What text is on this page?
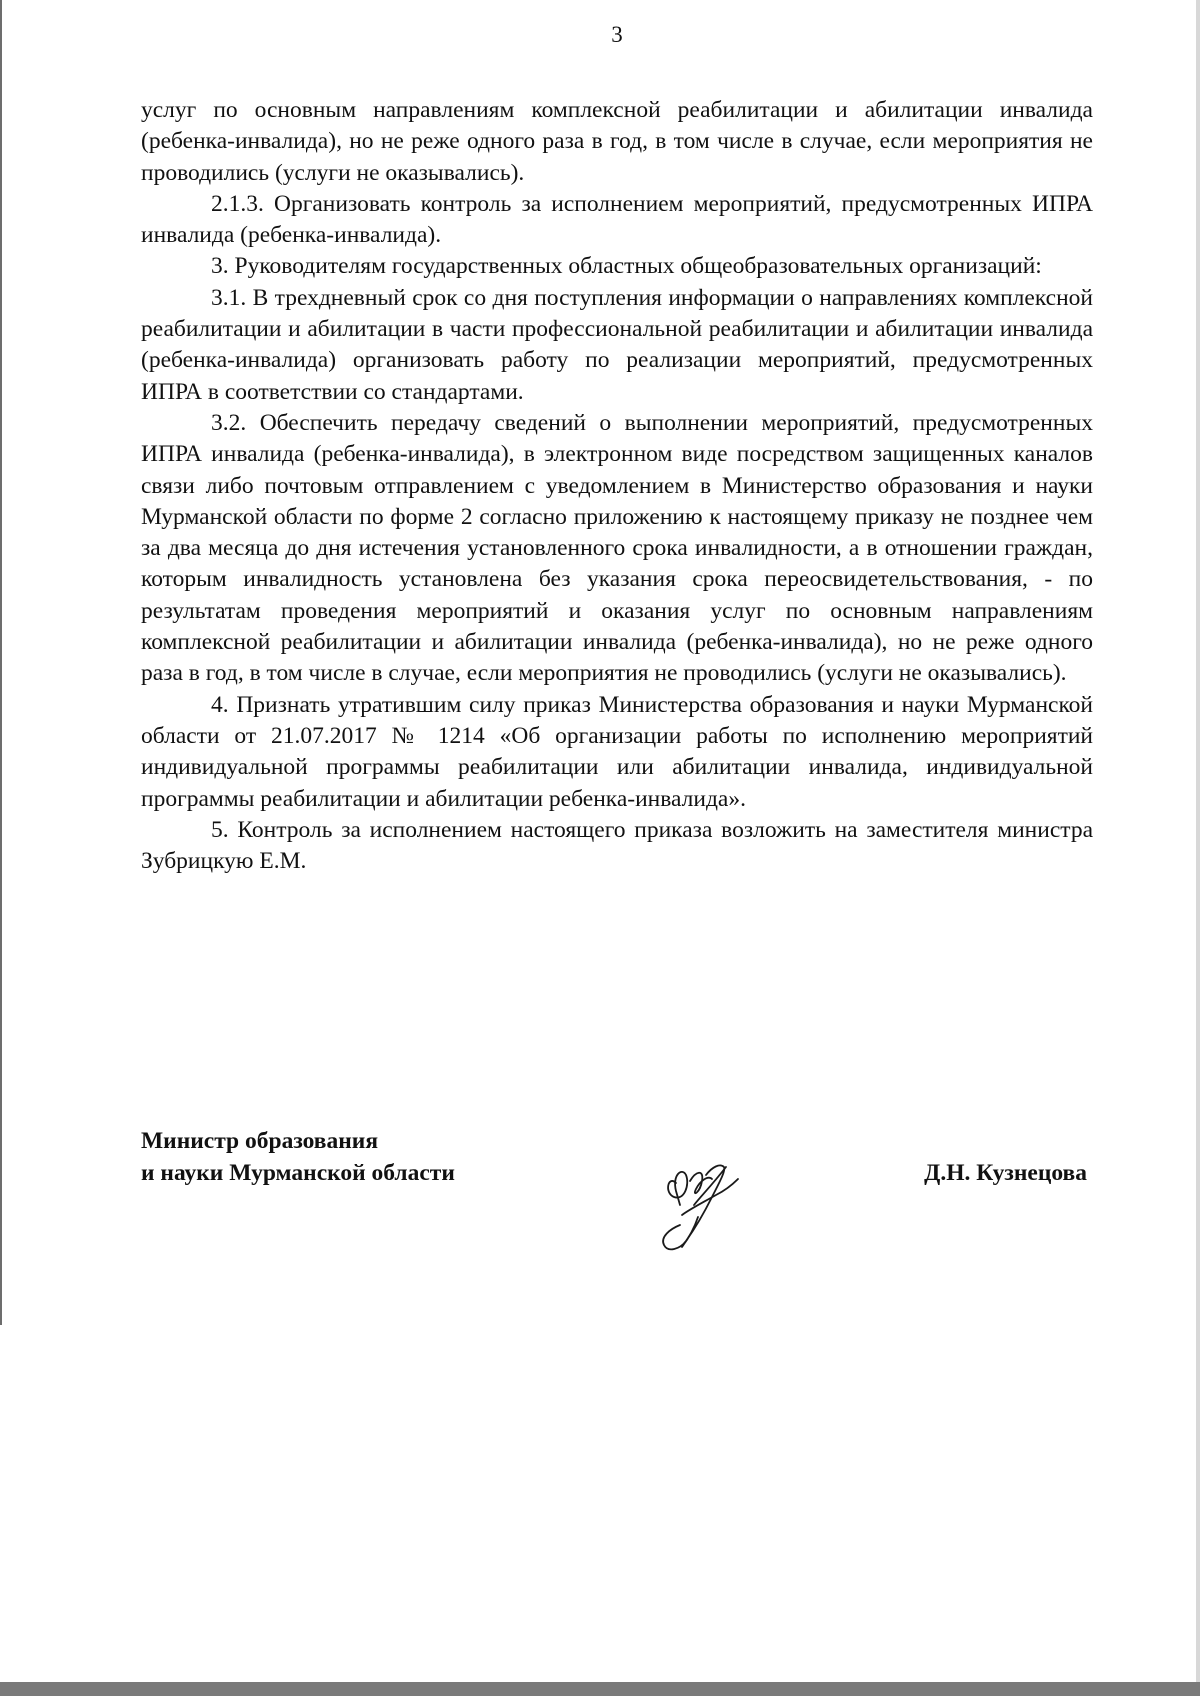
3

услуг по основным направлениям комплексной реабилитации и абилитации инвалида (ребенка-инвалида), но не реже одного раза в год, в том числе в случае, если мероприятия не проводились (услуги не оказывались).

2.1.3. Организовать контроль за исполнением мероприятий, предусмотренных ИПРА инвалида (ребенка-инвалида).

3. Руководителям государственных областных общеобразовательных организаций:

3.1. В трехдневный срок со дня поступления информации о направлениях комплексной реабилитации и абилитации в части профессиональной реабилитации и абилитации инвалида (ребенка-инвалида) организовать работу по реализации мероприятий, предусмотренных ИПРА в соответствии со стандартами.

3.2. Обеспечить передачу сведений о выполнении мероприятий, предусмотренных ИПРА инвалида (ребенка-инвалида), в электронном виде посредством защищенных каналов связи либо почтовым отправлением с уведомлением в Министерство образования и науки Мурманской области по форме 2 согласно приложению к настоящему приказу не позднее чем за два месяца до дня истечения установленного срока инвалидности, а в отношении граждан, которым инвалидность установлена без указания срока переосвидетельствования, - по результатам проведения мероприятий и оказания услуг по основным направлениям комплексной реабилитации и абилитации инвалида (ребенка-инвалида), но не реже одного раза в год, в том числе в случае, если мероприятия не проводились (услуги не оказывались).

4. Признать утратившим силу приказ Министерства образования и науки Мурманской области от 21.07.2017 № 1214 «Об организации работы по исполнению мероприятий индивидуальной программы реабилитации или абилитации инвалида, индивидуальной программы реабилитации и абилитации ребенка-инвалида».

5. Контроль за исполнением настоящего приказа возложить на заместителя министра Зубрицкую Е.М.

Министр образования
и науки Мурманской области	Д.Н. Кузнецова
